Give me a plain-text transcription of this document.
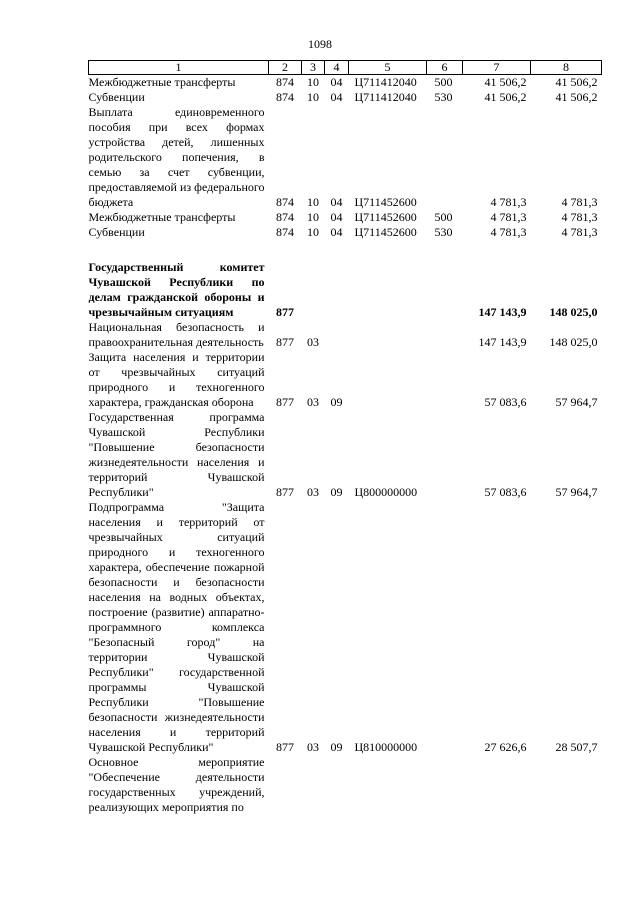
1098
1	2	3	4	5	6	7	8
Межбюджетные трансферты	874	10	04	Ц711412040	500	41 506,2	41 506,2
Субвенции	874	10	04	Ц711412040	530	41 506,2	41 506,2
Выплата единовременного пособия при всех формах устройства детей, лишенных родительского попечения, в семью за счет субвенции, предоставляемой из федерального бюджета	874	10	04	Ц711452600		4 781,3	4 781,3
Межбюджетные трансферты	874	10	04	Ц711452600	500	4 781,3	4 781,3
Субвенции	874	10	04	Ц711452600	530	4 781,3	4 781,3

Государственный комитет Чувашской Республики по делам гражданской обороны и чрезвычайным ситуациям	877					147 143,9	148 025,0
Национальная безопасность и правоохранительная деятельность	877	03				147 143,9	148 025,0
Защита населения и территории от чрезвычайных ситуаций природного и техногенного характера, гражданская оборона	877	03	09			57 083,6	57 964,7
Государственная программа Чувашской Республики "Повышение безопасности жизнедеятельности населения и территорий Чувашской Республики"	877	03	09	Ц800000000		57 083,6	57 964,7
Подпрограмма "Защита населения и территорий от чрезвычайных ситуаций природного и техногенного характера, обеспечение пожарной безопасности и безопасности населения на водных объектах, построение (развитие) аппаратно-программного комплекса "Безопасный город" на территории Чувашской Республики" государственной программы Чувашской Республики "Повышение безопасности жизнедеятельности населения и территорий Чувашской Республики"	877	03	09	Ц810000000		27 626,6	28 507,7
Основное мероприятие "Обеспечение деятельности государственных учреждений, реализующих мероприятия по							
